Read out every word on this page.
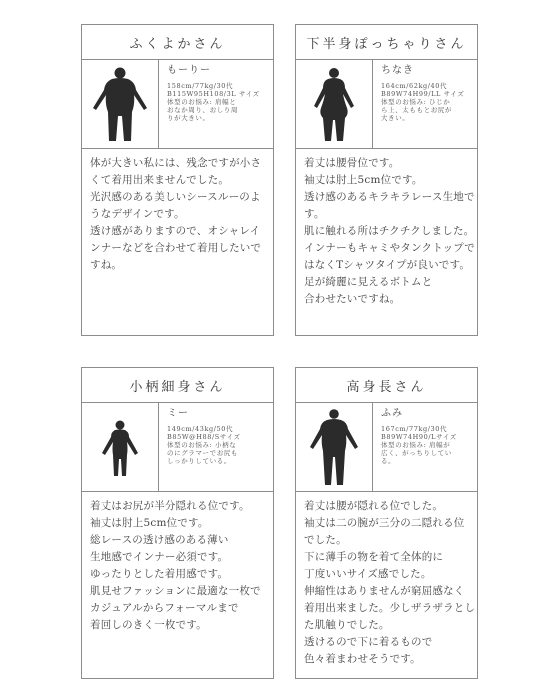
ふくよかさん
もーりー
158cm/77kg/30代
B115W95H108/3L サイズ
体型のお悩み: 肩幅と
おなか周り、おしり周
りが大きい。
体が大きい私には、残念ですが小さ
くて着用出来ませんでした。
光沢感のある美しいシースルーのよ
うなデザインです。
透け感がありますので、オシャレイ
ンナーなどを合わせて着用したいで
すね。
下半身ぽっちゃりさん
ちなき
164cm/62kg/40代
B89W74H99/LL サイズ
体型のお悩み: ひじか
ら上、太ももとお尻が
大きい。
着丈は腰骨位です。
袖丈は肘上5cm位です。
透け感のあるキラキラレース生地で
す。
肌に触れる所はチクチクしました。
インナーもキャミやタンクトップで
はなくTシャツタイプが良いです。
足が綺麗に見えるボトムと
合わせたいですね。
小柄細身さん
ミー
149cm/43kg/50代
B85W@H88/Sサイズ
体型のお悩み: 小柄な
のにグラマーでお尻も
しっかりしている。
着丈はお尻が半分隠れる位です。
袖丈は肘上5cm位です。
総レースの透け感のある薄い
生地感でインナー必須です。
ゆったりとした着用感です。
肌見せファッションに最適な一枚で
カジュアルからフォーマルまで
着回しのきく一枚です。
高身長さん
ふみ
167cm/77kg/30代
B89W74H90/Lサイズ
体型のお悩み: 肩幅が
広く、がっちりしてい
る。
着丈は腰が隠れる位でした。
袖丈は二の腕が三分の二隠れる位
でした。
下に薄手の物を着て全体的に
丁度いいサイズ感でした。
伸縮性はありませんが窮屈感なく
着用出来ました。少しザラザラとし
た肌触りでした。
透けるので下に着るもので
色々着まわせそうです。
